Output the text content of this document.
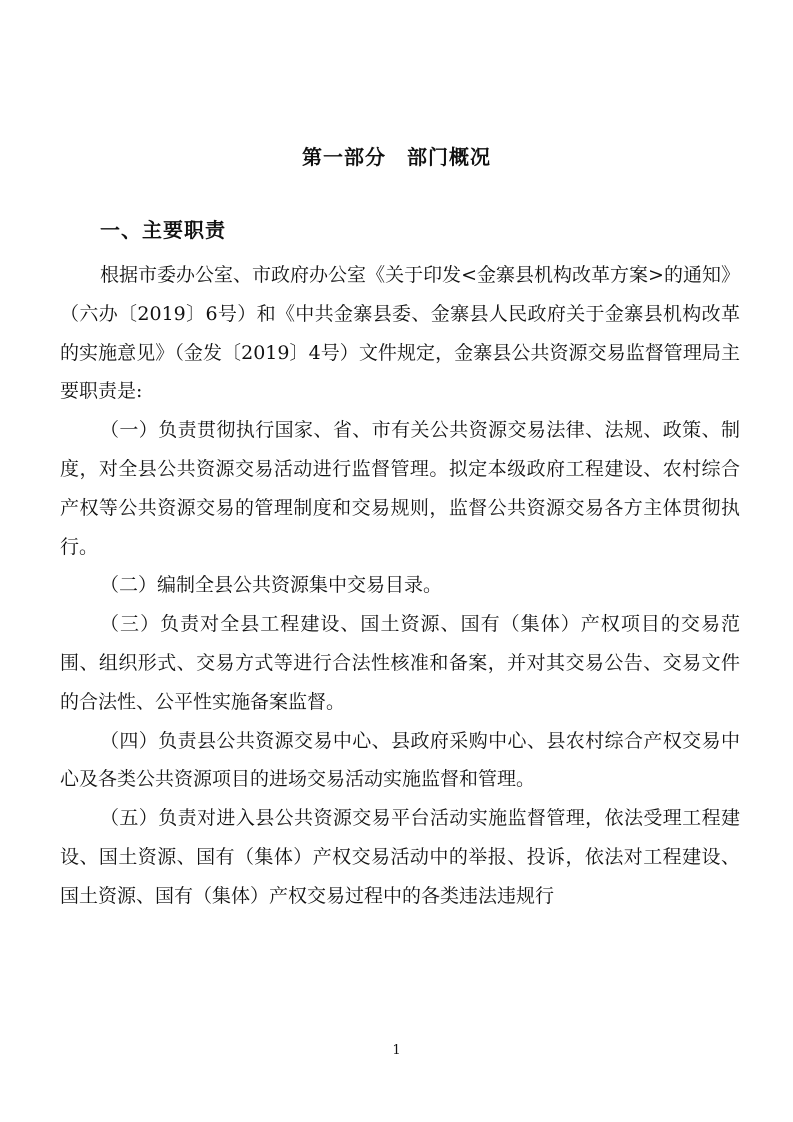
第一部分　部门概况
一、主要职责

根据市委办公室、市政府办公室《关于印发<金寨县机构改革方案>的通知》（六办〔2019〕6号）和《中共金寨县委、金寨县人民政府关于金寨县机构改革的实施意见》（金发〔2019〕4号）文件规定，金寨县公共资源交易监督管理局主要职责是:

（一）负责贯彻执行国家、省、市有关公共资源交易法律、法规、政策、制度，对全县公共资源交易活动进行监督管理。拟定本级政府工程建设、农村综合产权等公共资源交易的管理制度和交易规则，监督公共资源交易各方主体贯彻执行。

（二）编制全县公共资源集中交易目录。

（三）负责对全县工程建设、国土资源、国有（集体）产权项目的交易范围、组织形式、交易方式等进行合法性核准和备案，并对其交易公告、交易文件的合法性、公平性实施备案监督。

（四）负责县公共资源交易中心、县政府采购中心、县农村综合产权交易中心及各类公共资源项目的进场交易活动实施监督和管理。

（五）负责对进入县公共资源交易平台活动实施监督管理，依法受理工程建设、国土资源、国有（集体）产权交易活动中的举报、投诉，依法对工程建设、国土资源、国有（集体）产权交易过程中的各类违法违规行

1
